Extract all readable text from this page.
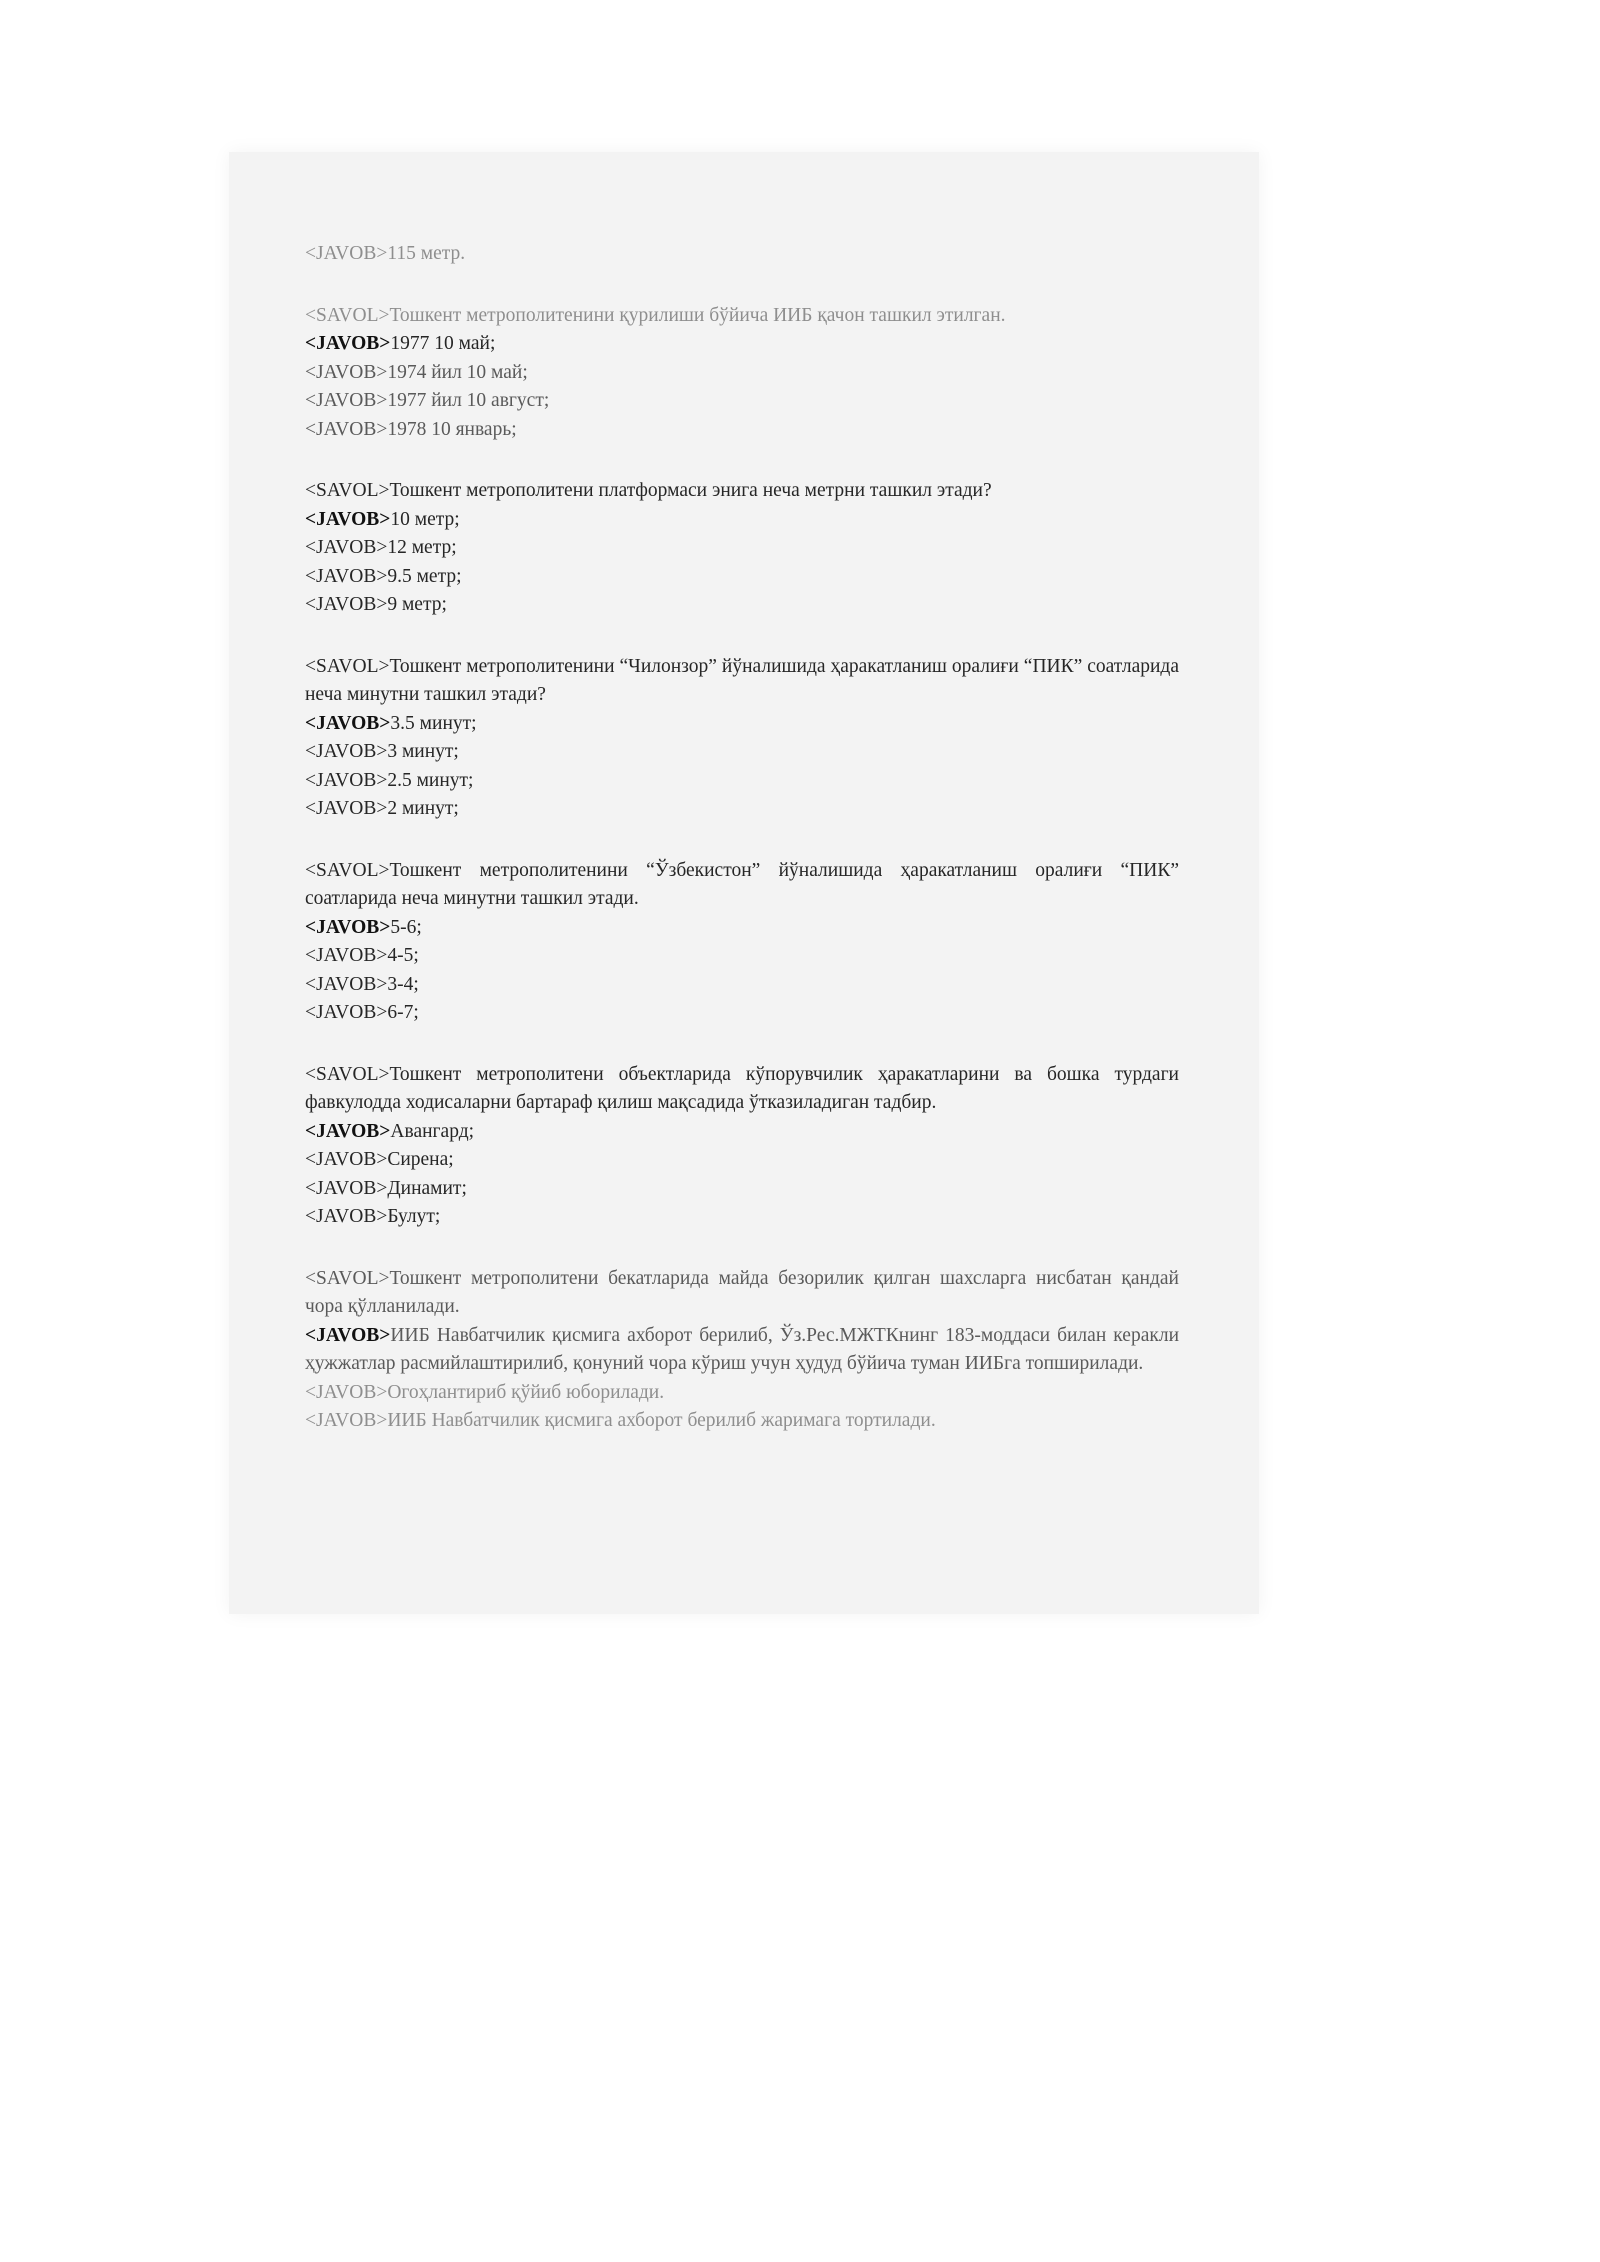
<JAVOB>115 метр.
<SAVOL>Тошкент метрополитенини қурилиши бўйича ИИБ қачон ташкил этилган.
<JAVOB>1977 10 май;
<JAVOB>1974 йил 10 май;
<JAVOB>1977 йил 10 август;
<JAVOB>1978 10 январь;
<SAVOL>Тошкент метрополитени платформаси энига неча метрни ташкил этади?
<JAVOB>10 метр;
<JAVOB>12 метр;
<JAVOB>9.5 метр;
<JAVOB>9 метр;
<SAVOL>Тошкент метрополитенини “Чилонзор” йўналишида ҳаракатланиш оралиғи “ПИК” соатларида неча минутни ташкил этади?
<JAVOB>3.5 минут;
<JAVOB>3 минут;
<JAVOB>2.5 минут;
<JAVOB>2 минут;
<SAVOL>Тошкент метрополитенини “Ўзбекистон” йўналишида ҳаракатланиш оралиғи “ПИК” соатларида неча минутни ташкил этади.
<JAVOB>5-6;
<JAVOB>4-5;
<JAVOB>3-4;
<JAVOB>6-7;
<SAVOL>Тошкент метрополитени объектларида кўпорувчилик ҳаракатларини ва бошка турдаги фавкулодда ходисаларни бартараф қилиш мақсадида ўтказиладиган тадбир.
<JAVOB>Авангард;
<JAVOB>Сирена;
<JAVOB>Динамит;
<JAVOB>Булут;
<SAVOL>Тошкент метрополитени бекатларида майда безорилик қилган шахсларга нисбатан қандай чора қўлланилади.
<JAVOB>ИИБ Навбатчилик қисмига ахборот берилиб, Ўз.Рес.МЖТКнинг 183-моддаси билан керакли ҳужжатлар расмийлаштирилиб, қонуний чора кўриш учун ҳудуд бўйича туман ИИБга топширилади.
<JAVOB>Огоҳлантириб қўйиб юборилади.
<JAVOB>ИИБ Навбатчилик қисмига ахборот берилиб жаримага тортилади.
